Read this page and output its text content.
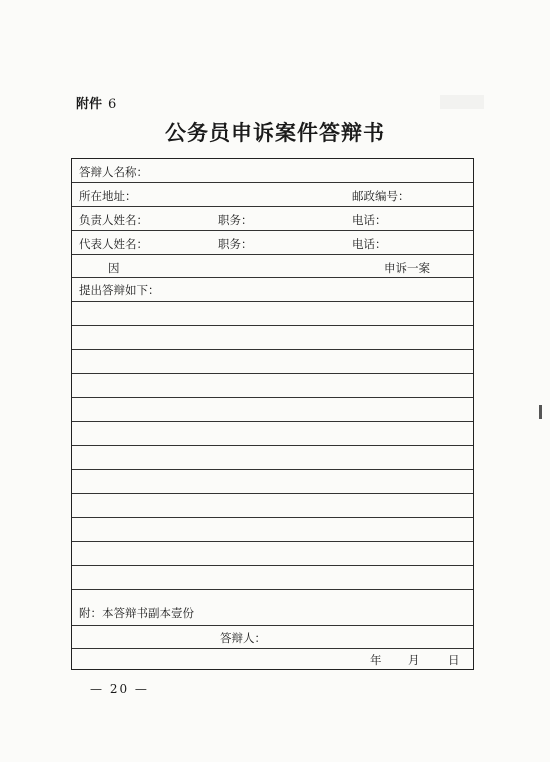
附件 6
公务员申诉案件答辩书
答辩人名称：
所在地址：	邮政编号：
负责人姓名：	职务：	电话：
代表人姓名：	职务：	电话：
因	申诉一案
提出答辩如下：
附：本答辩书副本壹份
答辩人：
年 月 日
— 20 —
